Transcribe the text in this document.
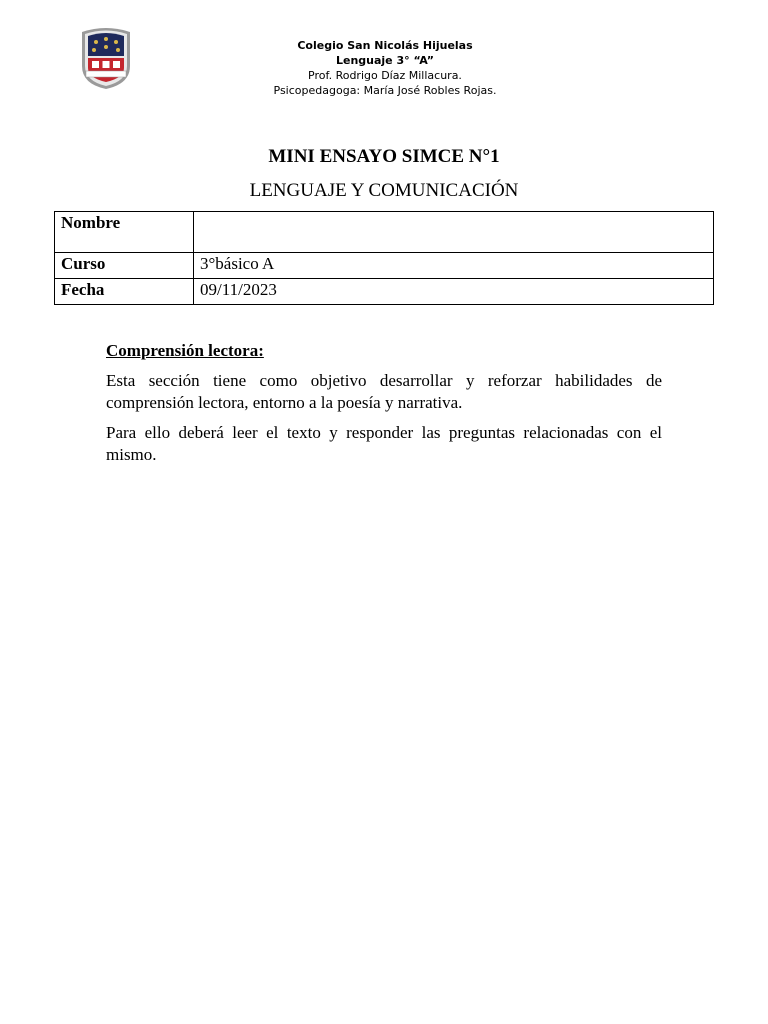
Colegio San Nicolás Hijuelas
Lenguaje 3° “A”
Prof. Rodrigo Díaz Millacura.
Psicopedagoga: María José Robles Rojas.
MINI ENSAYO SIMCE N°1
LENGUAJE Y COMUNICACIÓN
Nombre	
Curso	3°básico A
Fecha	09/11/2023
Comprensión lectora:

Esta sección tiene como objetivo desarrollar y reforzar habilidades de comprensión lectora, entorno a la poesía y narrativa.

Para ello deberá leer el texto y responder las preguntas relacionadas con el mismo.
